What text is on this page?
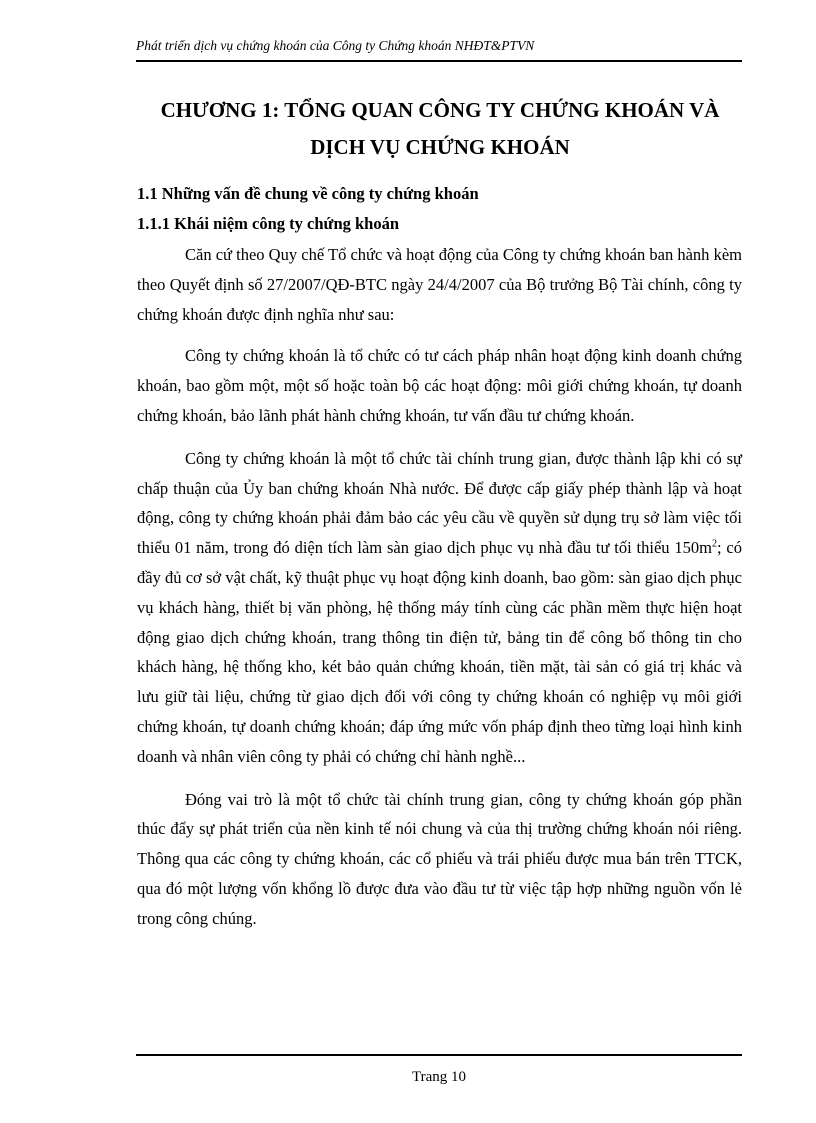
Phát triển dịch vụ chứng khoán của Công ty Chứng khoán NHĐT&PTVN
CHƯƠNG 1: TỔNG QUAN CÔNG TY CHỨNG KHOÁN VÀ
DỊCH VỤ CHỨNG KHOÁN
1.1 Những vấn đề chung về công ty chứng khoán
1.1.1 Khái niệm công ty chứng khoán

Căn cứ theo Quy chế Tổ chức và hoạt động của Công ty chứng khoán ban hành kèm theo Quyết định số 27/2007/QĐ-BTC ngày 24/4/2007 của Bộ trưởng Bộ Tài chính, công ty chứng khoán được định nghĩa như sau:

Công ty chứng khoán là tổ chức có tư cách pháp nhân hoạt động kinh doanh chứng khoán, bao gồm một, một số hoặc toàn bộ các hoạt động: môi giới chứng khoán, tự doanh chứng khoán, bảo lãnh phát hành chứng khoán, tư vấn đầu tư chứng khoán.

Công ty chứng khoán là một tổ chức tài chính trung gian, được thành lập khi có sự chấp thuận của Ủy ban chứng khoán Nhà nước. Để được cấp giấy phép thành lập và hoạt động, công ty chứng khoán phải đảm bảo các yêu cầu về quyền sử dụng trụ sở làm việc tối thiểu 01 năm, trong đó diện tích làm sàn giao dịch phục vụ nhà đầu tư tối thiểu $150m^2$; có đầy đủ cơ sở vật chất, kỹ thuật phục vụ hoạt động kinh doanh, bao gồm: sàn giao dịch phục vụ khách hàng, thiết bị văn phòng, hệ thống máy tính cùng các phần mềm thực hiện hoạt động giao dịch chứng khoán, trang thông tin điện tử, bảng tin để công bố thông tin cho khách hàng, hệ thống kho, két bảo quản chứng khoán, tiền mặt, tài sản có giá trị khác và lưu giữ tài liệu, chứng từ giao dịch đối với công ty chứng khoán có nghiệp vụ môi giới chứng khoán, tự doanh chứng khoán; đáp ứng mức vốn pháp định theo từng loại hình kinh doanh và nhân viên công ty phải có chứng chỉ hành nghề...

Đóng vai trò là một tổ chức tài chính trung gian, công ty chứng khoán góp phần thúc đẩy sự phát triển của nền kinh tế nói chung và của thị trường chứng khoán nói riêng. Thông qua các công ty chứng khoán, các cổ phiếu và trái phiếu được mua bán trên TTCK, qua đó một lượng vốn khổng lồ được đưa vào đầu tư từ việc tập hợp những nguồn vốn lẻ trong công chúng.

Trang 10
